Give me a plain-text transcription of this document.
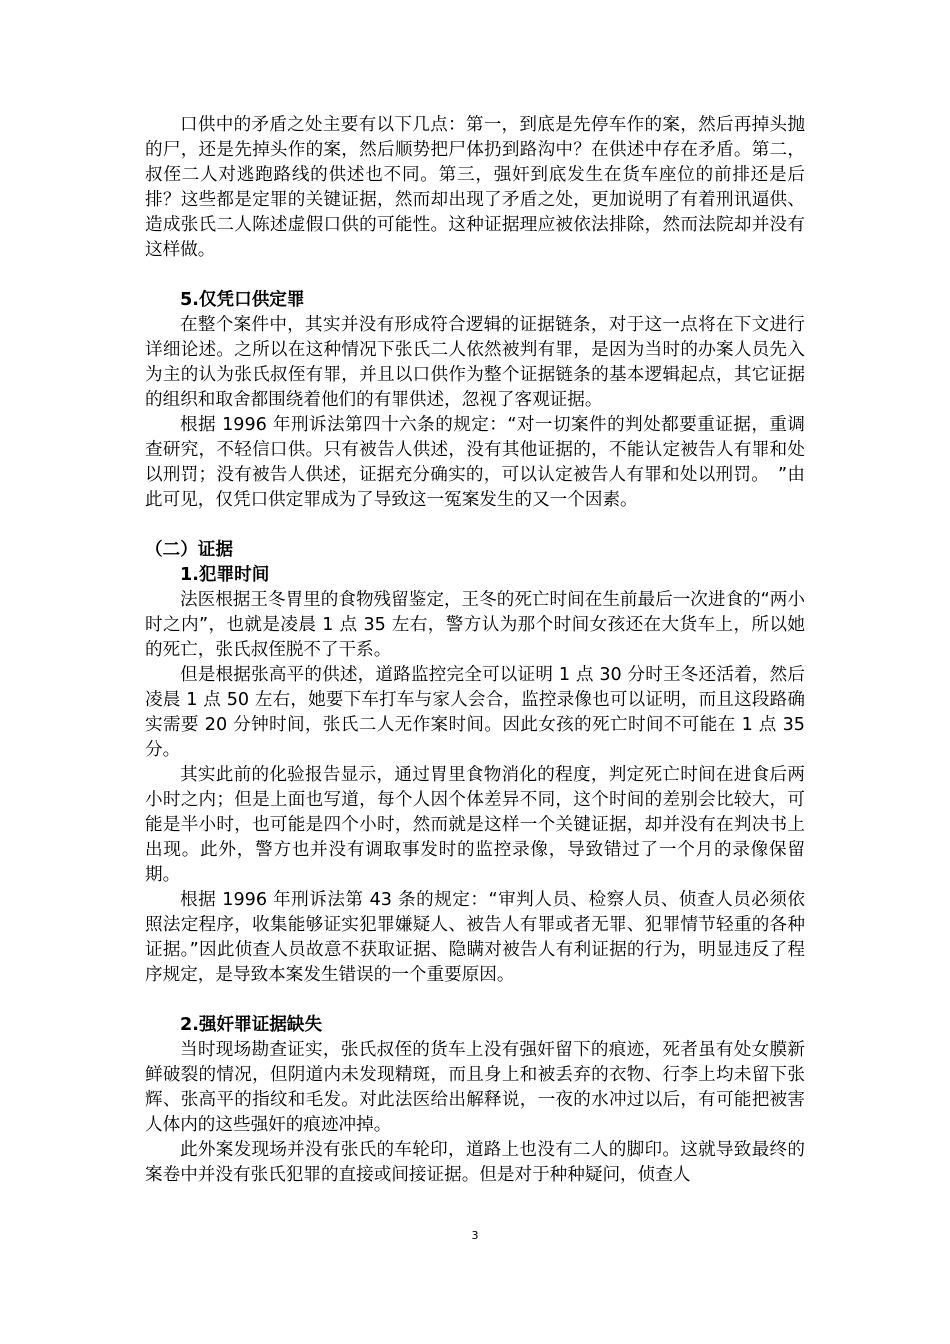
口供中的矛盾之处主要有以下几点：第一，到底是先停车作的案，然后再掉头抛的尸，还是先掉头作的案，然后顺势把尸体扔到路沟中？在供述中存在矛盾。第二，叔侄二人对逃跑路线的供述也不同。第三，强奸到底发生在货车座位的前排还是后排？这些都是定罪的关键证据，然而却出现了矛盾之处，更加说明了有着刑讯逼供、造成张氏二人陈述虚假口供的可能性。这种证据理应被依法排除，然而法院却并没有这样做。

5.仅凭口供定罪

在整个案件中，其实并没有形成符合逻辑的证据链条，对于这一点将在下文进行详细论述。之所以在这种情况下张氏二人依然被判有罪，是因为当时的办案人员先入为主的认为张氏叔侄有罪，并且以口供作为整个证据链条的基本逻辑起点，其它证据的组织和取舍都围绕着他们的有罪供述，忽视了客观证据。

根据 1996 年刑诉法第四十六条的规定：“对一切案件的判处都要重证据，重调查研究，不轻信口供。只有被告人供述，没有其他证据的，不能认定被告人有罪和处以刑罚；没有被告人供述，证据充分确实的，可以认定被告人有罪和处以刑罚。　”由此可见，仅凭口供定罪成为了导致这一冤案发生的又一个因素。

（二）证据
1.犯罪时间

法医根据王冬胃里的食物残留鉴定，王冬的死亡时间在生前最后一次进食的“两小时之内”，也就是凌晨 1 点 35 左右，警方认为那个时间女孩还在大货车上，所以她的死亡，张氏叔侄脱不了干系。

但是根据张高平的供述，道路监控完全可以证明 1 点 30 分时王冬还活着，然后凌晨 1 点 50 左右，她要下车打车与家人会合，监控录像也可以证明，而且这段路确实需要 20 分钟时间，张氏二人无作案时间。因此女孩的死亡时间不可能在 1 点 35 分。

其实此前的化验报告显示，通过胃里食物消化的程度，判定死亡时间在进食后两小时之内；但是上面也写道，每个人因个体差异不同，这个时间的差别会比较大，可能是半小时，也可能是四个小时，然而就是这样一个关键证据，却并没有在判决书上出现。此外，警方也并没有调取事发时的监控录像，导致错过了一个月的录像保留期。

根据 1996 年刑诉法第 43 条的规定：“审判人员、检察人员、侦查人员必须依照法定程序，收集能够证实犯罪嫌疑人、被告人有罪或者无罪、犯罪情节轻重的各种证据。”因此侦查人员故意不获取证据、隐瞒对被告人有利证据的行为，明显违反了程序规定，是导致本案发生错误的一个重要原因。

2.强奸罪证据缺失

当时现场勘查证实，张氏叔侄的货车上没有强奸留下的痕迹，死者虽有处女膜新鲜破裂的情况，但阴道内未发现精斑，而且身上和被丢弃的衣物、行李上均未留下张辉、张高平的指纹和毛发。对此法医给出解释说，一夜的水冲过以后，有可能把被害人体内的这些强奸的痕迹冲掉。

此外案发现场并没有张氏的车轮印，道路上也没有二人的脚印。这就导致最终的案卷中并没有张氏犯罪的直接或间接证据。但是对于种种疑问，侦查人

3
